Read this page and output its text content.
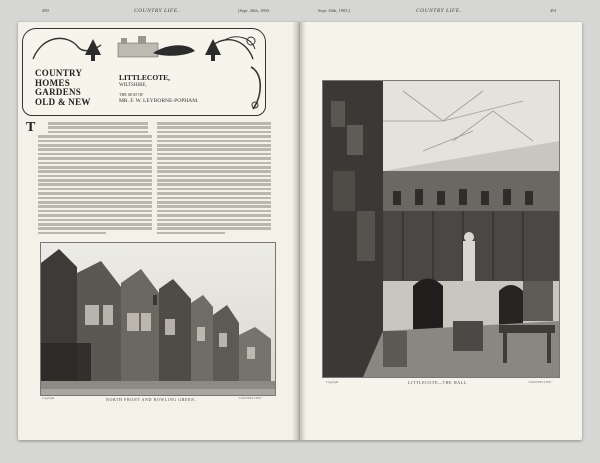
490	COUNTRY LIFE.	[Sept. 26th, 1903.
COUNTRY
HOMES
GARDENS
OLD & NEW
LITTLECOTE,
WILTSHIRE,
THE SEAT OF
MR. F. W. LEYBORNE-POPHAM.
T
Copyright	NORTH FRONT AND BOWLING GREEN.	"COUNTRY LIFE."
Sept. 26th, 1903.]	COUNTRY LIFE.	491
Copyright	LITTLECOTE—THE HALL.	"COUNTRY LIFE."
